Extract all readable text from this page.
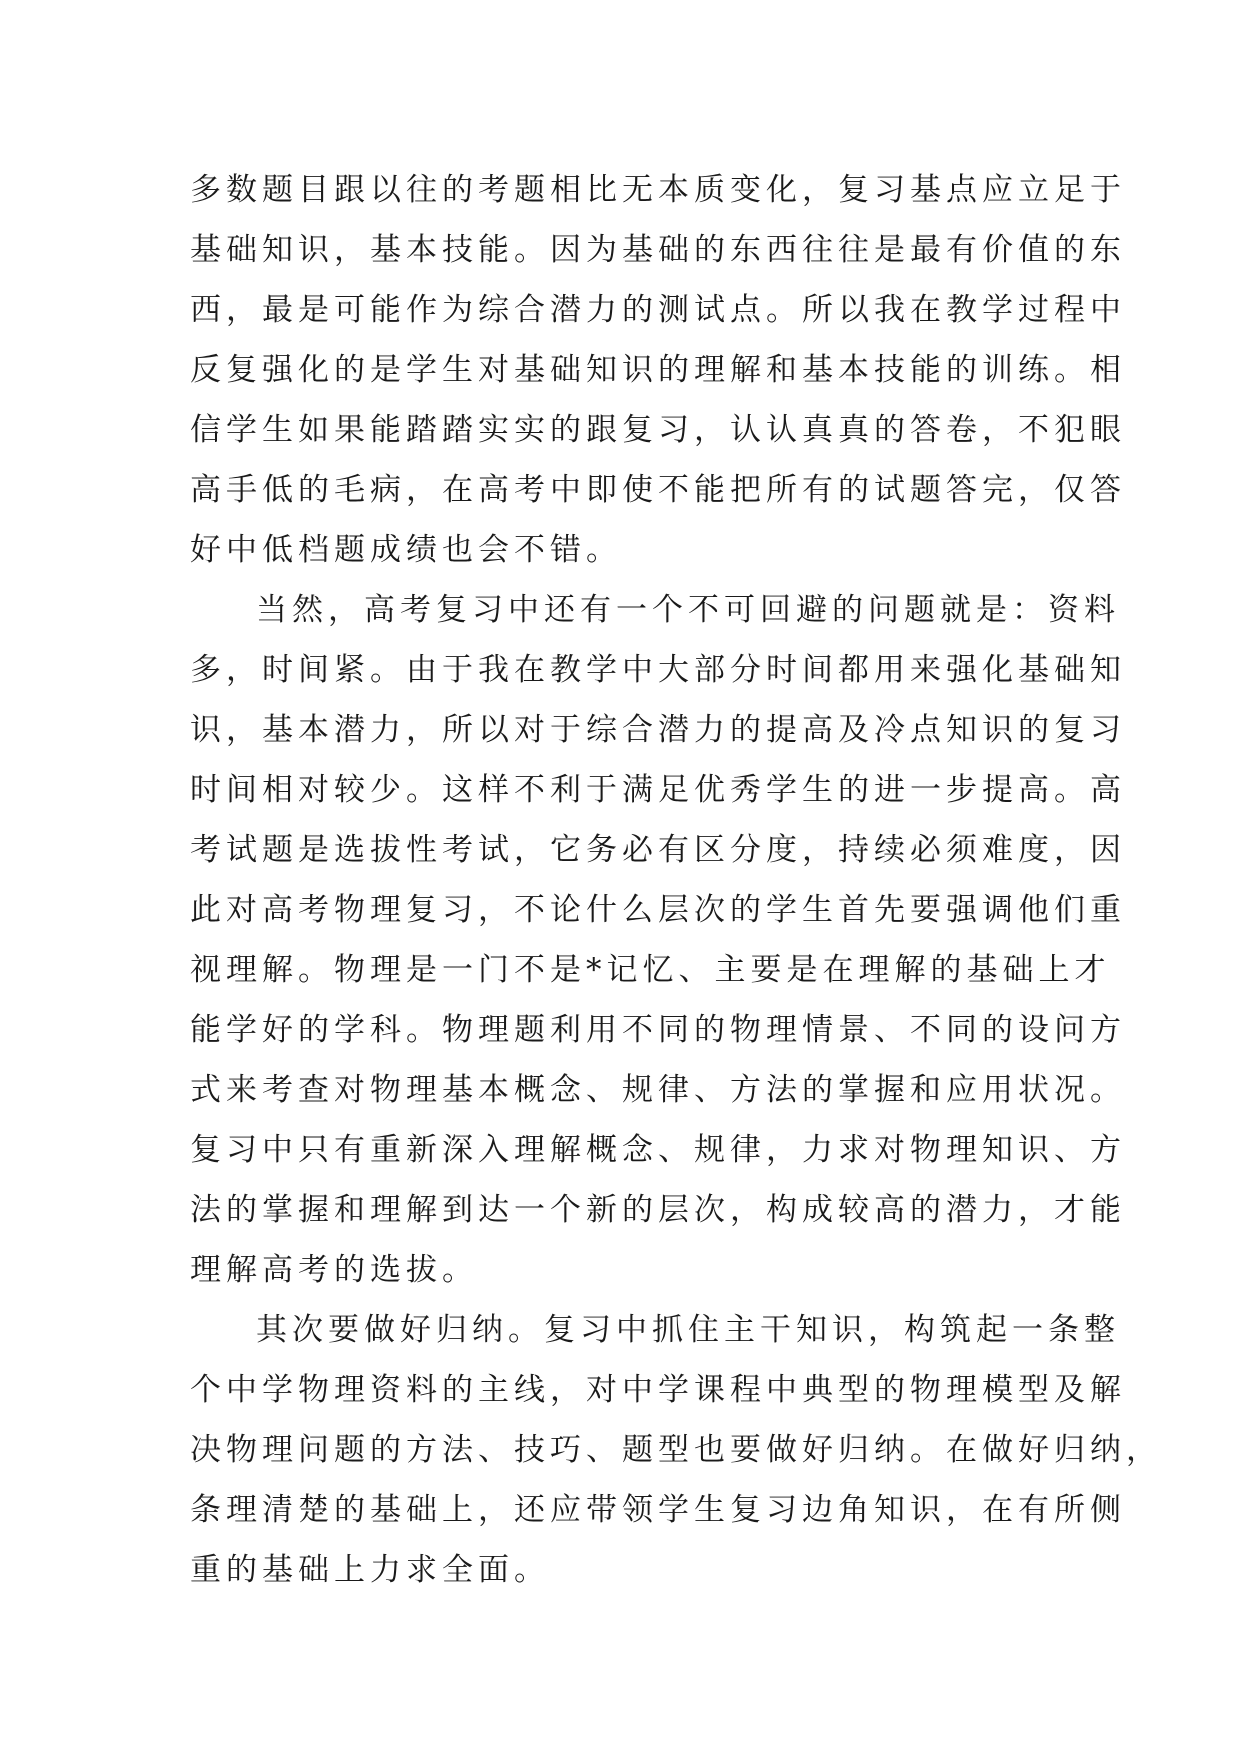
多数题目跟以往的考题相比无本质变化，复习基点应立足于
基础知识，基本技能。因为基础的东西往往是最有价值的东
西，最是可能作为综合潜力的测试点。所以我在教学过程中
反复强化的是学生对基础知识的理解和基本技能的训练。相
信学生如果能踏踏实实的跟复习，认认真真的答卷，不犯眼
高手低的毛病，在高考中即使不能把所有的试题答完，仅答
好中低档题成绩也会不错。
当然，高考复习中还有一个不可回避的问题就是：资料
多，时间紧。由于我在教学中大部分时间都用来强化基础知
识，基本潜力，所以对于综合潜力的提高及冷点知识的复习
时间相对较少。这样不利于满足优秀学生的进一步提高。高
考试题是选拔性考试，它务必有区分度，持续必须难度，因
此对高考物理复习，不论什么层次的学生首先要强调他们重
视理解。物理是一门不是*记忆、主要是在理解的基础上才
能学好的学科。物理题利用不同的物理情景、不同的设问方
式来考查对物理基本概念、规律、方法的掌握和应用状况。
复习中只有重新深入理解概念、规律，力求对物理知识、方
法的掌握和理解到达一个新的层次，构成较高的潜力，才能
理解高考的选拔。
其次要做好归纳。复习中抓住主干知识，构筑起一条整
个中学物理资料的主线，对中学课程中典型的物理模型及解
决物理问题的方法、技巧、题型也要做好归纳。在做好归纳，
条理清楚的基础上，还应带领学生复习边角知识，在有所侧
重的基础上力求全面。
